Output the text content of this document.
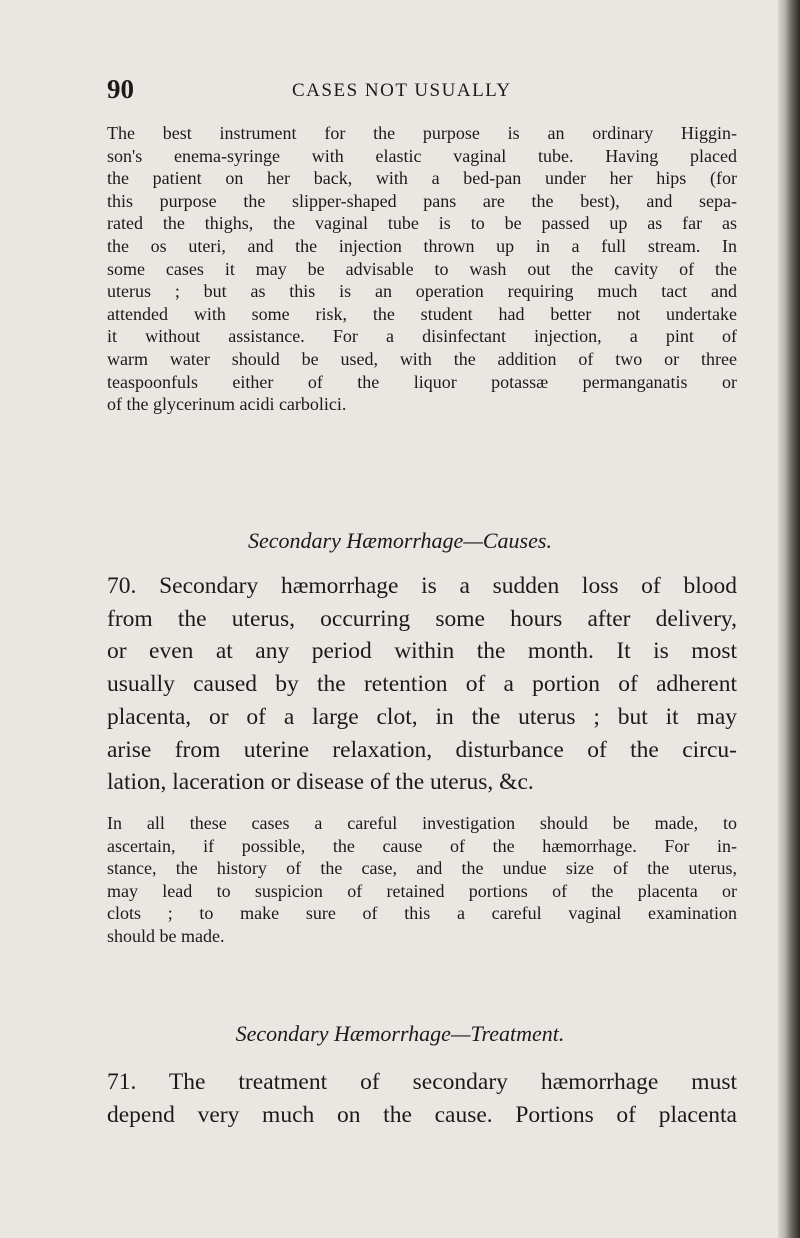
90	CASES NOT USUALLY
The best instrument for the purpose is an ordinary Higgin-
son's enema-syringe with elastic vaginal tube. Having placed
the patient on her back, with a bed-pan under her hips (for
this purpose the slipper-shaped pans are the best), and sepa-
rated the thighs, the vaginal tube is to be passed up as far as
the os uteri, and the injection thrown up in a full stream. In
some cases it may be advisable to wash out the cavity of the
uterus ; but as this is an operation requiring much tact and
attended with some risk, the student had better not undertake
it without assistance. For a disinfectant injection, a pint of
warm water should be used, with the addition of two or three
teaspoonfuls either of the liquor potassæ permanganatis or
of the glycerinum acidi carbolici.

Secondary Hæmorrhage—Causes.

70. Secondary hæmorrhage is a sudden loss of blood
from the uterus, occurring some hours after delivery,
or even at any period within the month. It is most
usually caused by the retention of a portion of adherent
placenta, or of a large clot, in the uterus ; but it may
arise from uterine relaxation, disturbance of the circu-
lation, laceration or disease of the uterus, &c.
In all these cases a careful investigation should be made, to
ascertain, if possible, the cause of the hæmorrhage. For in-
stance, the history of the case, and the undue size of the uterus,
may lead to suspicion of retained portions of the placenta or
clots ; to make sure of this a careful vaginal examination
should be made.

Secondary Hæmorrhage—Treatment.

71. The treatment of secondary hæmorrhage must
depend very much on the cause. Portions of placenta
